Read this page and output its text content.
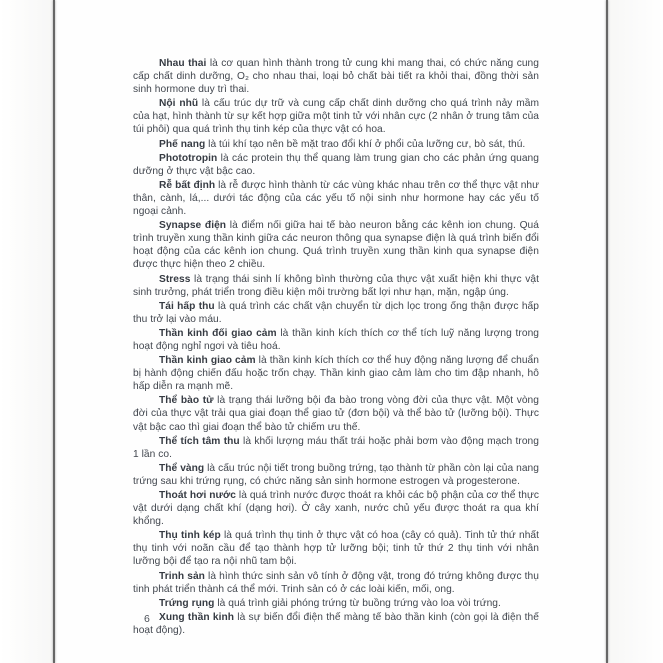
Nhau thai là cơ quan hình thành trong tử cung khi mang thai, có chức năng cung cấp chất dinh dưỡng, O₂ cho nhau thai, loại bỏ chất bài tiết ra khỏi thai, đồng thời sản sinh hormone duy trì thai.

Nội nhũ là cấu trúc dự trữ và cung cấp chất dinh dưỡng cho quá trình nảy mầm của hạt, hình thành từ sự kết hợp giữa một tinh tử với nhân cực (2 nhân ở trung tâm của túi phôi) qua quá trình thụ tinh kép của thực vật có hoa.

Phế nang là túi khí tạo nên bề mặt trao đổi khí ở phổi của lưỡng cư, bò sát, thú.

Phototropin là các protein thụ thể quang làm trung gian cho các phản ứng quang dưỡng ở thực vật bậc cao.

Rễ bất định là rễ được hình thành từ các vùng khác nhau trên cơ thể thực vật như thân, cành, lá,... dưới tác động của các yếu tố nội sinh như hormone hay các yếu tố ngoại cảnh.

Synapse điện là điểm nối giữa hai tế bào neuron bằng các kênh ion chung. Quá trình truyền xung thần kinh giữa các neuron thông qua synapse điện là quá trình biến đổi hoạt động của các kênh ion chung. Quá trình truyền xung thần kinh qua synapse điện được thực hiện theo 2 chiều.

Stress là trạng thái sinh lí không bình thường của thực vật xuất hiện khi thực vật sinh trưởng, phát triển trong điều kiện môi trường bất lợi như hạn, mặn, ngập úng.

Tái hấp thu là quá trình các chất vận chuyển từ dịch lọc trong ống thận được hấp thu trở lại vào máu.

Thần kinh đối giao cảm là thần kinh kích thích cơ thể tích luỹ năng lượng trong hoạt động nghỉ ngơi và tiêu hoá.

Thần kinh giao cảm là thần kinh kích thích cơ thể huy động năng lượng để chuẩn bị hành động chiến đấu hoặc trốn chạy. Thần kinh giao cảm làm cho tim đập nhanh, hô hấp diễn ra mạnh mẽ.

Thể bào tử là trạng thái lưỡng bội đa bào trong vòng đời của thực vật. Một vòng đời của thực vật trải qua giai đoạn thể giao tử (đơn bội) và thể bào tử (lưỡng bội). Thực vật bậc cao thì giai đoạn thể bào tử chiếm ưu thế.

Thể tích tâm thu là khối lượng máu thất trái hoặc phải bơm vào động mạch trong 1 lần co.

Thể vàng là cấu trúc nội tiết trong buồng trứng, tạo thành từ phần còn lại của nang trứng sau khi trứng rụng, có chức năng sản sinh hormone estrogen và progesterone.

Thoát hơi nước là quá trình nước được thoát ra khỏi các bộ phận của cơ thể thực vật dưới dạng chất khí (dạng hơi). Ở cây xanh, nước chủ yếu được thoát ra qua khí khổng.

Thụ tinh kép là quá trình thụ tinh ở thực vật có hoa (cây có quả). Tinh tử thứ nhất thụ tinh với noãn cầu để tạo thành hợp tử lưỡng bội; tinh tử thứ 2 thụ tinh với nhân lưỡng bội để tạo ra nội nhũ tam bội.

Trinh sản là hình thức sinh sản vô tính ở động vật, trong đó trứng không được thụ tinh phát triển thành cá thể mới. Trinh sản có ở các loài kiến, mối, ong.

Trứng rụng là quá trình giải phóng trứng từ buồng trứng vào loa vòi trứng.

Xung thần kinh là sự biến đổi điện thế màng tế bào thần kinh (còn gọi là điện thế hoạt động).

6
